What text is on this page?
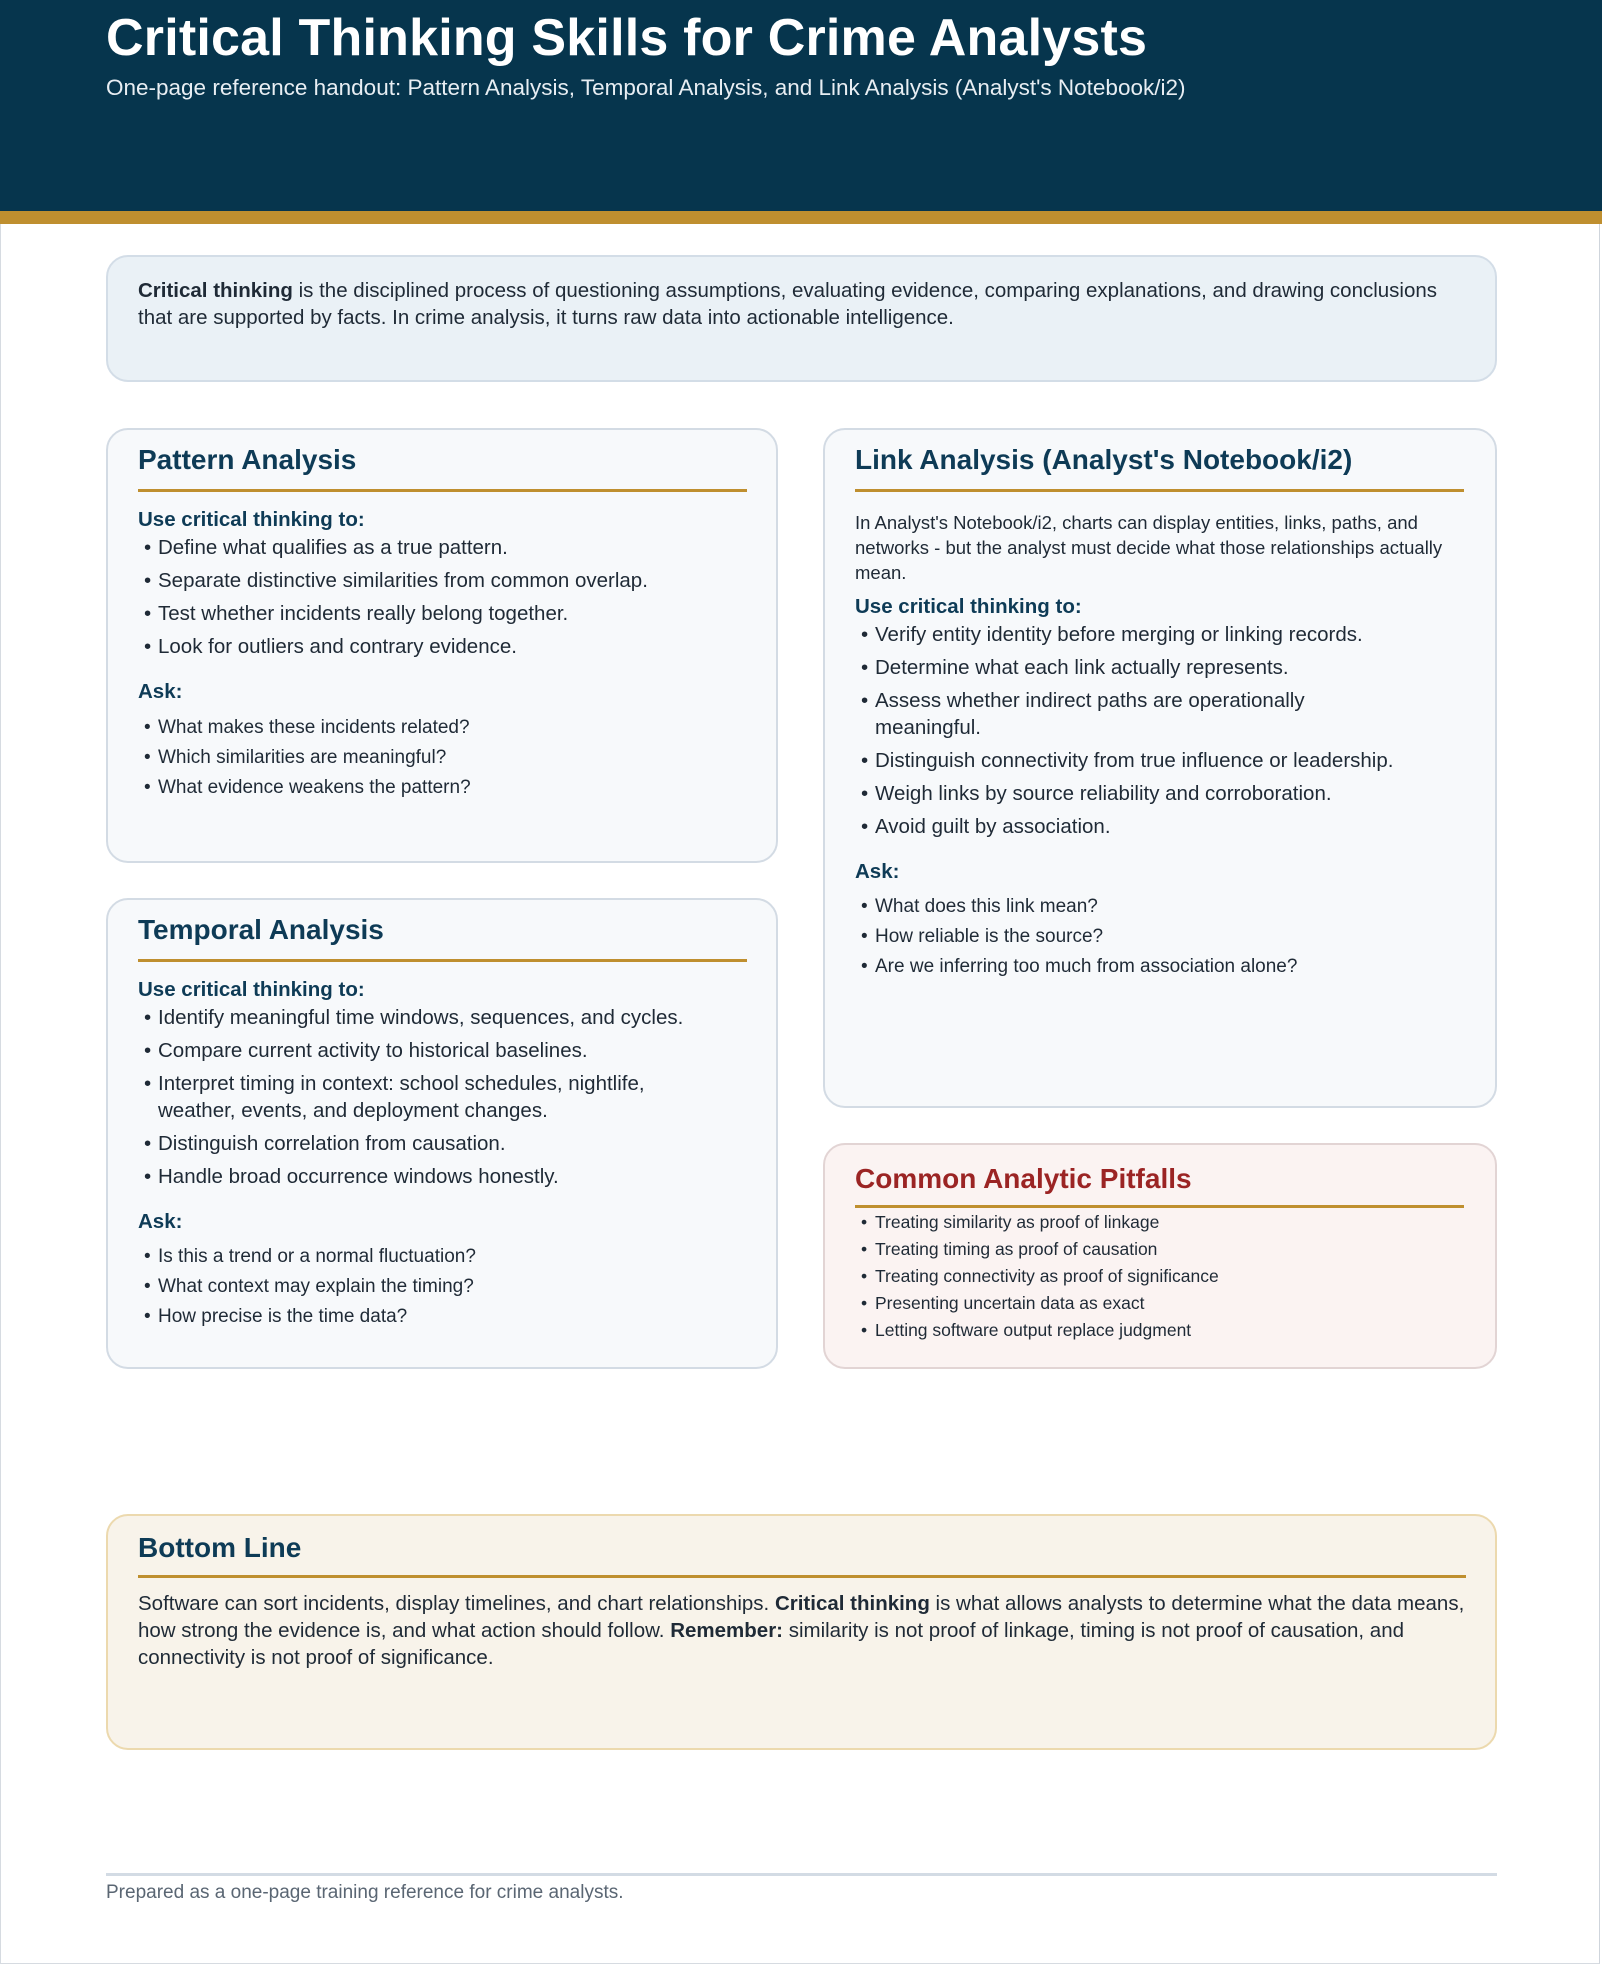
Critical Thinking Skills for Crime Analysts
One-page reference handout: Pattern Analysis, Temporal Analysis, and Link Analysis (Analyst's Notebook/i2)

Critical thinking is the disciplined process of questioning assumptions, evaluating evidence, comparing explanations, and drawing conclusions that are supported by facts. In crime analysis, it turns raw data into actionable intelligence.

Pattern Analysis
Use critical thinking to:
• Define what qualifies as a true pattern.
• Separate distinctive similarities from common overlap.
• Test whether incidents really belong together.
• Look for outliers and contrary evidence.
Ask:
• What makes these incidents related?
• Which similarities are meaningful?
• What evidence weakens the pattern?
Temporal Analysis
Use critical thinking to:
• Identify meaningful time windows, sequences, and cycles.
• Compare current activity to historical baselines.
• Interpret timing in context: school schedules, nightlife, weather, events, and deployment changes.
• Distinguish correlation from causation.
• Handle broad occurrence windows honestly.
Ask:
• Is this a trend or a normal fluctuation?
• What context may explain the timing?
• How precise is the time data?
Link Analysis (Analyst's Notebook/i2)

In Analyst's Notebook/i2, charts can display entities, links, paths, and networks - but the analyst must decide what those relationships actually mean.

Use critical thinking to:
• Verify entity identity before merging or linking records.
• Determine what each link actually represents.
• Assess whether indirect paths are operationally meaningful.
• Distinguish connectivity from true influence or leadership.
• Weigh links by source reliability and corroboration.
• Avoid guilt by association.
Ask:
• What does this link mean?
• How reliable is the source?
• Are we inferring too much from association alone?
Common Analytic Pitfalls
• Treating similarity as proof of linkage
• Treating timing as proof of causation
• Treating connectivity as proof of significance
• Presenting uncertain data as exact
• Letting software output replace judgment
Bottom Line

Software can sort incidents, display timelines, and chart relationships. Critical thinking is what allows analysts to determine what the data means, how strong the evidence is, and what action should follow. Remember: similarity is not proof of linkage, timing is not proof of causation, and connectivity is not proof of significance.

Prepared as a one-page training reference for crime analysts.
